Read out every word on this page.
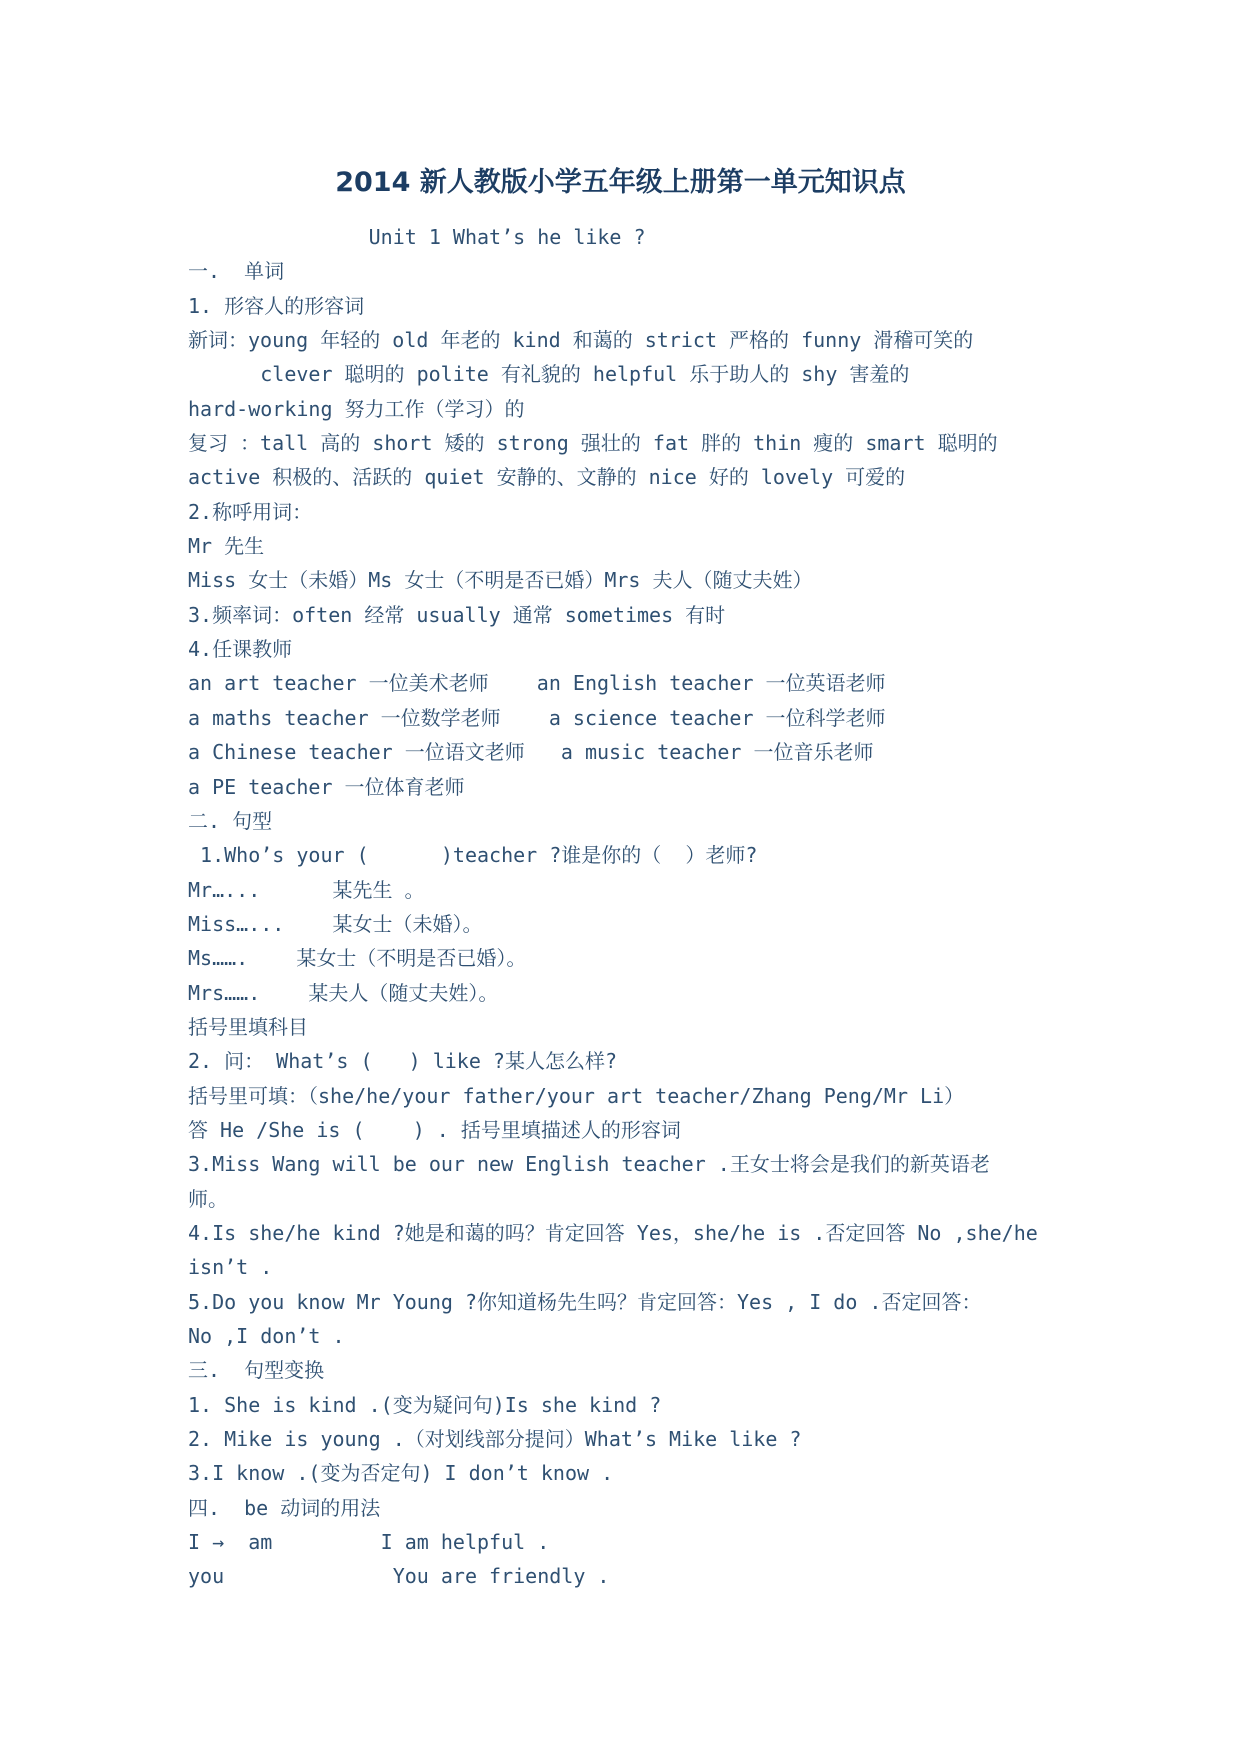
2014 新人教版小学五年级上册第一单元知识点
Unit 1 What’s he like ?
一.  单词
1. 形容人的形容词
新词：young 年轻的 old 年老的 kind 和蔼的 strict 严格的 funny 滑稽可笑的
clever 聪明的 polite 有礼貌的 helpful 乐于助人的 shy 害羞的
hard-working 努力工作（学习）的
复习 ：tall 高的 short 矮的 strong 强壮的 fat 胖的 thin 瘦的 smart 聪明的
active 积极的、活跃的 quiet 安静的、文静的 nice 好的 lovely 可爱的
2.称呼用词：
Mr 先生
Miss 女士（未婚）Ms 女士（不明是否已婚）Mrs 夫人（随丈夫姓）
3.频率词：often 经常 usually 通常 sometimes 有时
4.任课教师
an art teacher 一位美术老师    an English teacher 一位英语老师
a maths teacher 一位数学老师    a science teacher 一位科学老师
a Chinese teacher 一位语文老师   a music teacher 一位音乐老师
a PE teacher 一位体育老师
二. 句型
1.Who’s your (      )teacher ?谁是你的（  ）老师?
Mr…...      某先生 。
Miss…...    某女士（未婚）。
Ms…….    某女士（不明是否已婚）。
Mrs…….    某夫人（随丈夫姓）。
括号里填科目
2. 问： What’s (   ) like ?某人怎么样?
括号里可填：（she/he/your father/your art teacher/Zhang Peng/Mr Li）
答 He /She is (    ) . 括号里填描述人的形容词
3.Miss Wang will be our new English teacher .王女士将会是我们的新英语老
师。
4.Is she/he kind ?她是和蔼的吗？肯定回答 Yes，she/he is .否定回答 No ,she/he
isn’t .
5.Do you know Mr Young ?你知道杨先生吗？肯定回答：Yes , I do .否定回答：
No ,I don’t .
三.  句型变换
1. She is kind .(变为疑问句)Is she kind ?
2. Mike is young .（对划线部分提问）What’s Mike like ?
3.I know .(变为否定句) I don’t know .
四.  be 动词的用法
I →  am         I am helpful .
you              You are friendly .
